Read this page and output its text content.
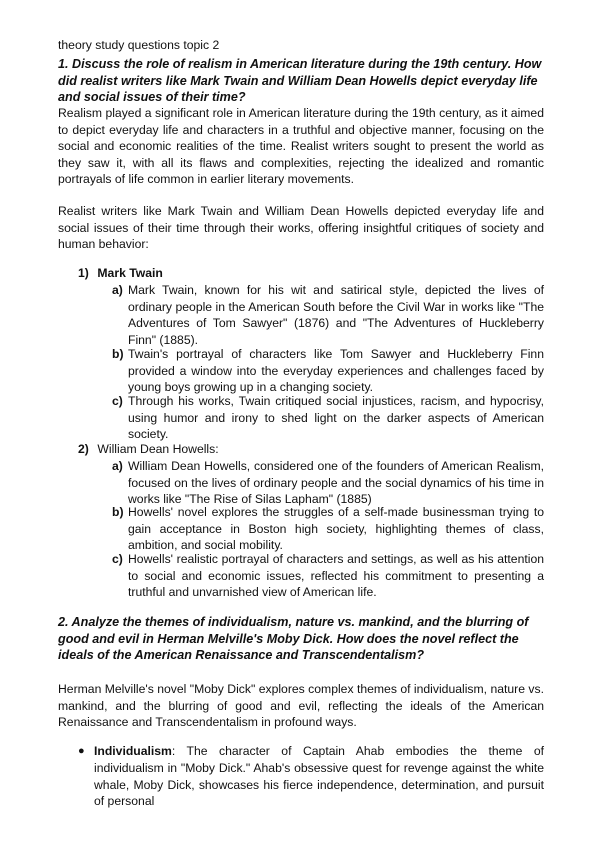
theory study questions topic 2
1. Discuss the role of realism in American literature during the 19th century. How did realist writers like Mark Twain and William Dean Howells depict everyday life and social issues of their time?
Realism played a significant role in American literature during the 19th century, as it aimed to depict everyday life and characters in a truthful and objective manner, focusing on the social and economic realities of the time. Realist writers sought to present the world as they saw it, with all its flaws and complexities, rejecting the idealized and romantic portrayals of life common in earlier literary movements.
Realist writers like Mark Twain and William Dean Howells depicted everyday life and social issues of their time through their works, offering insightful critiques of society and human behavior:
1) Mark Twain
a) Mark Twain, known for his wit and satirical style, depicted the lives of ordinary people in the American South before the Civil War in works like "The Adventures of Tom Sawyer" (1876) and "The Adventures of Huckleberry Finn" (1885).
b) Twain's portrayal of characters like Tom Sawyer and Huckleberry Finn provided a window into the everyday experiences and challenges faced by young boys growing up in a changing society.
c) Through his works, Twain critiqued social injustices, racism, and hypocrisy, using humor and irony to shed light on the darker aspects of American society.
2) William Dean Howells:
a) William Dean Howells, considered one of the founders of American Realism, focused on the lives of ordinary people and the social dynamics of his time in works like "The Rise of Silas Lapham" (1885)
b) Howells' novel explores the struggles of a self-made businessman trying to gain acceptance in Boston high society, highlighting themes of class, ambition, and social mobility.
c) Howells' realistic portrayal of characters and settings, as well as his attention to social and economic issues, reflected his commitment to presenting a truthful and unvarnished view of American life.
2. Analyze the themes of individualism, nature vs. mankind, and the blurring of good and evil in Herman Melville's Moby Dick. How does the novel reflect the ideals of the American Renaissance and Transcendentalism?
Herman Melville's novel "Moby Dick" explores complex themes of individualism, nature vs. mankind, and the blurring of good and evil, reflecting the ideals of the American Renaissance and Transcendentalism in profound ways.
● Individualism: The character of Captain Ahab embodies the theme of individualism in "Moby Dick." Ahab's obsessive quest for revenge against the white whale, Moby Dick, showcases his fierce independence, determination, and pursuit of personal
